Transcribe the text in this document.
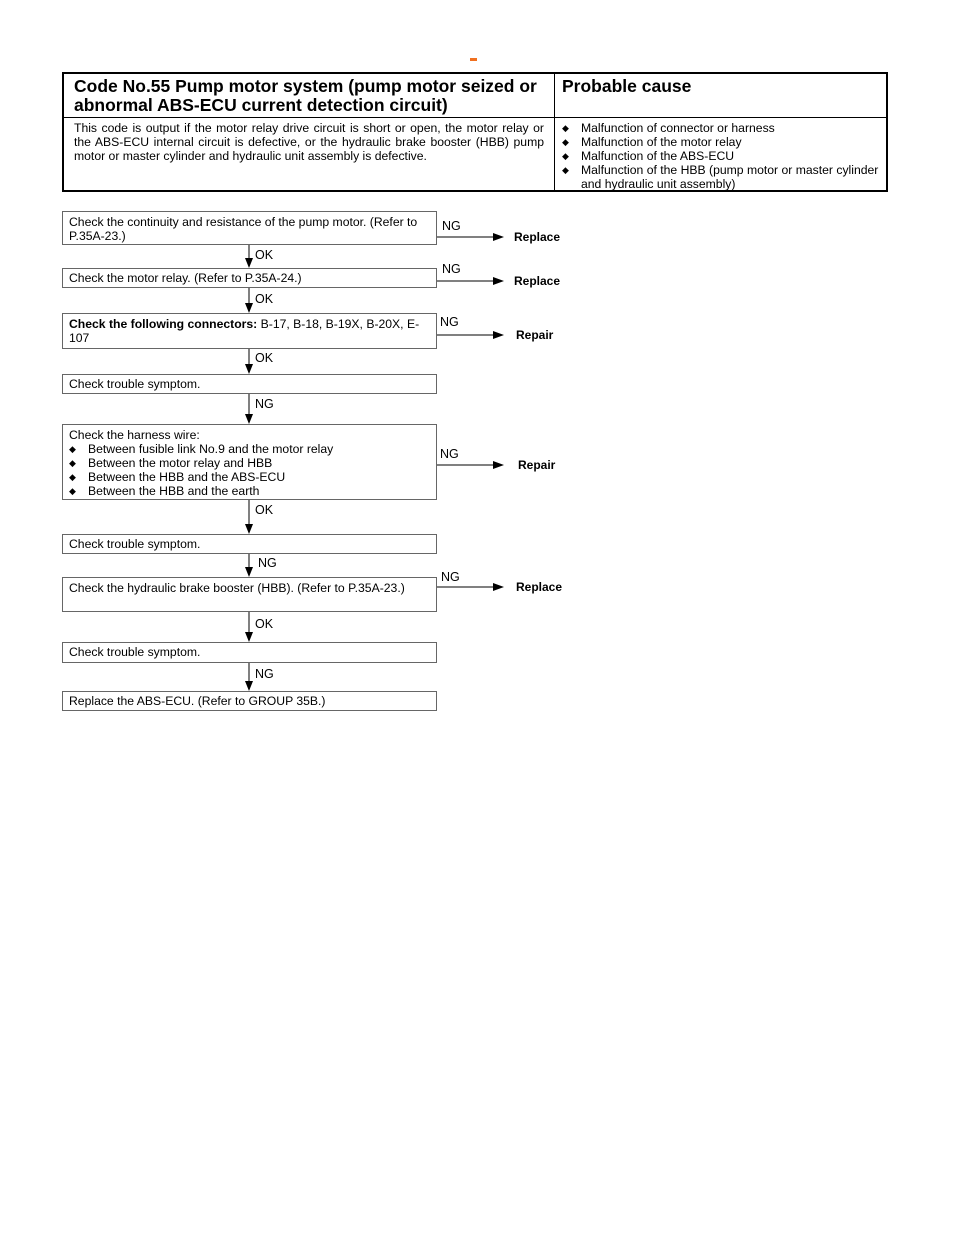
Code No.55 Pump motor system (pump motor seized or abnormal ABS-ECU current detection circuit)
Probable cause
This code is output if the motor relay drive circuit is short or open, the motor relay or the ABS-ECU internal circuit is defective, or the hydraulic brake booster (HBB) pump motor or master cylinder and hydraulic unit assembly is defective.
◆ Malfunction of connector or harness
◆ Malfunction of the motor relay
◆ Malfunction of the ABS-ECU
◆ Malfunction of the HBB (pump motor or master cylinder and hydraulic unit assembly)
Check the continuity and resistance of the pump motor. (Refer to P.35A-23.)
Check the motor relay. (Refer to P.35A-24.)
Check the following connectors: B-17, B-18, B-19X, B-20X, E-107
Check trouble symptom.
Check the harness wire:
◆ Between fusible link No.9 and the motor relay
◆ Between the motor relay and HBB
◆ Between the HBB and the ABS-ECU
◆ Between the HBB and the earth
Check trouble symptom.
Check the hydraulic brake booster (HBB). (Refer to P.35A-23.)
Check trouble symptom.
Replace the ABS-ECU. (Refer to GROUP 35B.)
NG
NG
NG
NG
NG
OK
OK
OK
NG
OK
NG
OK
NG
Replace
Replace
Repair
Repair
Replace
